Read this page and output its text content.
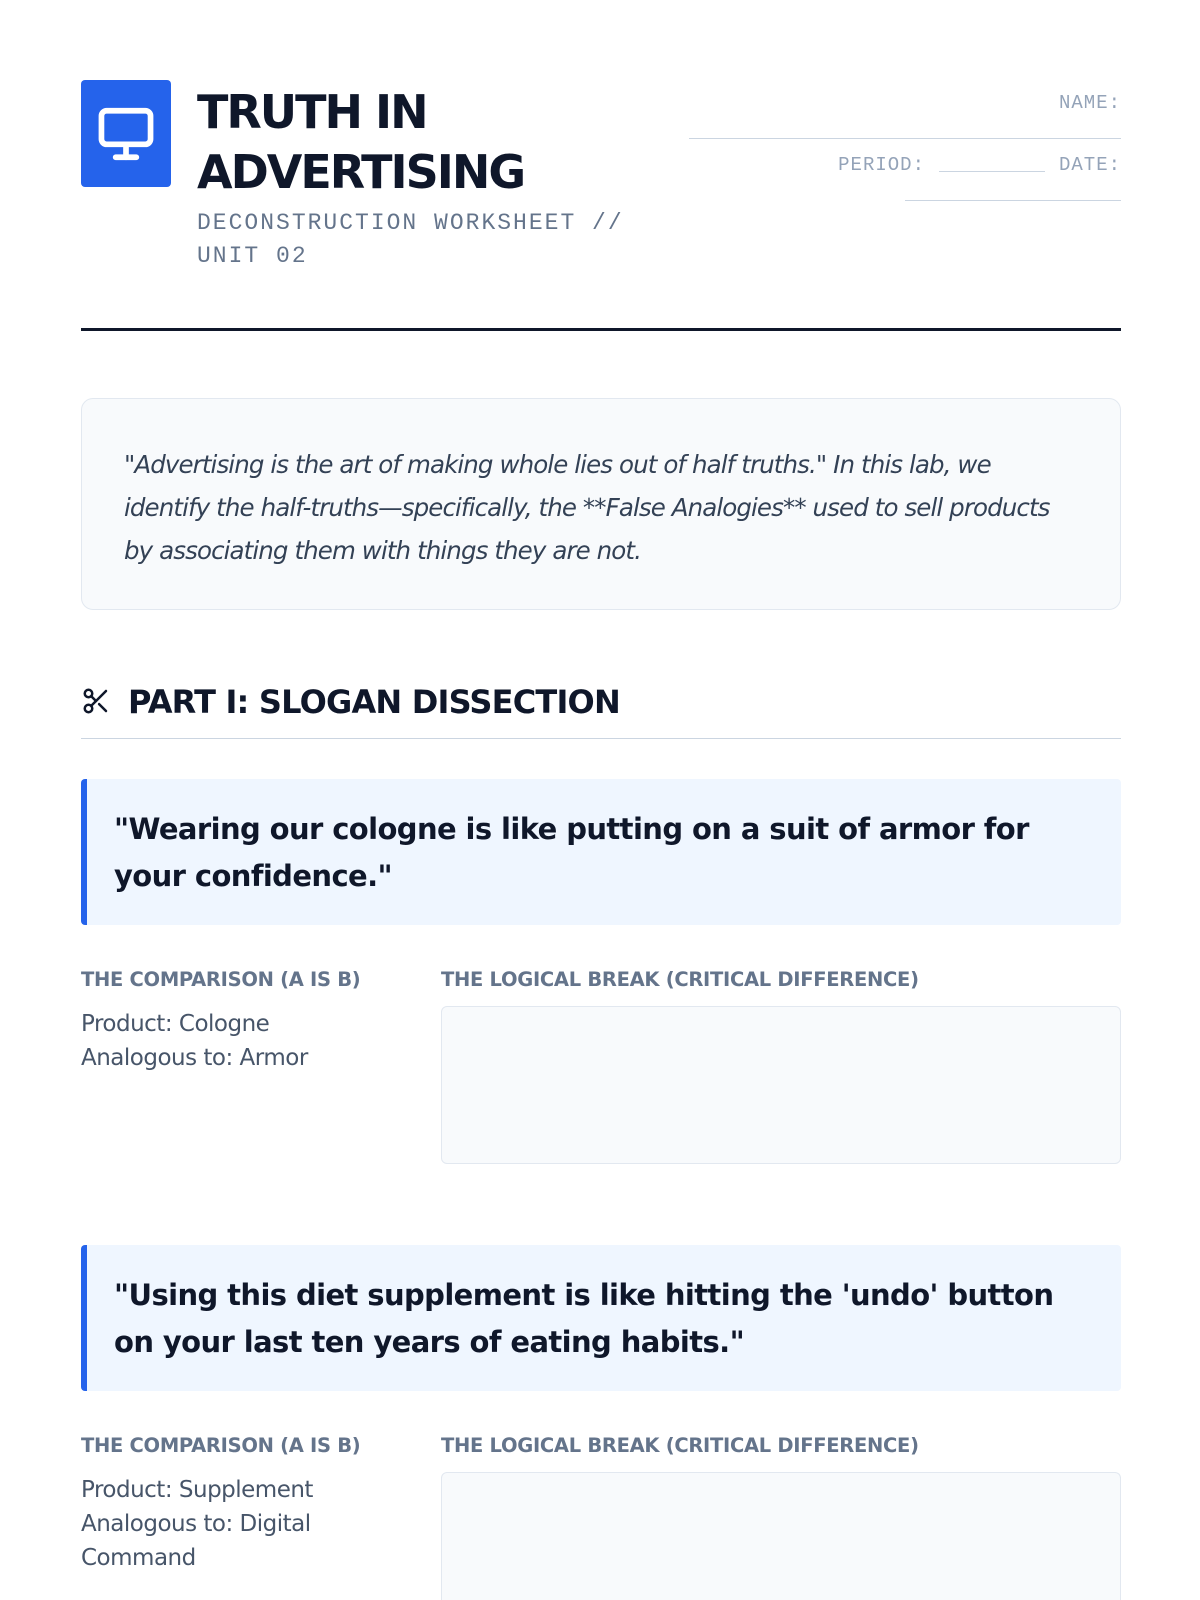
TRUTH IN
ADVERTISING
DECONSTRUCTION WORKSHEET // UNIT 02
NAME:
PERIOD:	DATE:
"Advertising is the art of making whole lies out of half truths." In this lab, we identify the half-truths—specifically, the **False Analogies** used to sell products by associating them with things they are not.
PART I: SLOGAN DISSECTION
"Wearing our cologne is like putting on a suit of armor for your confidence."
THE COMPARISON (A IS B)	THE LOGICAL BREAK (CRITICAL DIFFERENCE)
Product: Cologne
Analogous to: Armor
"Using this diet supplement is like hitting the 'undo' button on your last ten years of eating habits."
THE COMPARISON (A IS B)	THE LOGICAL BREAK (CRITICAL DIFFERENCE)
Product: Supplement
Analogous to: Digital Command
